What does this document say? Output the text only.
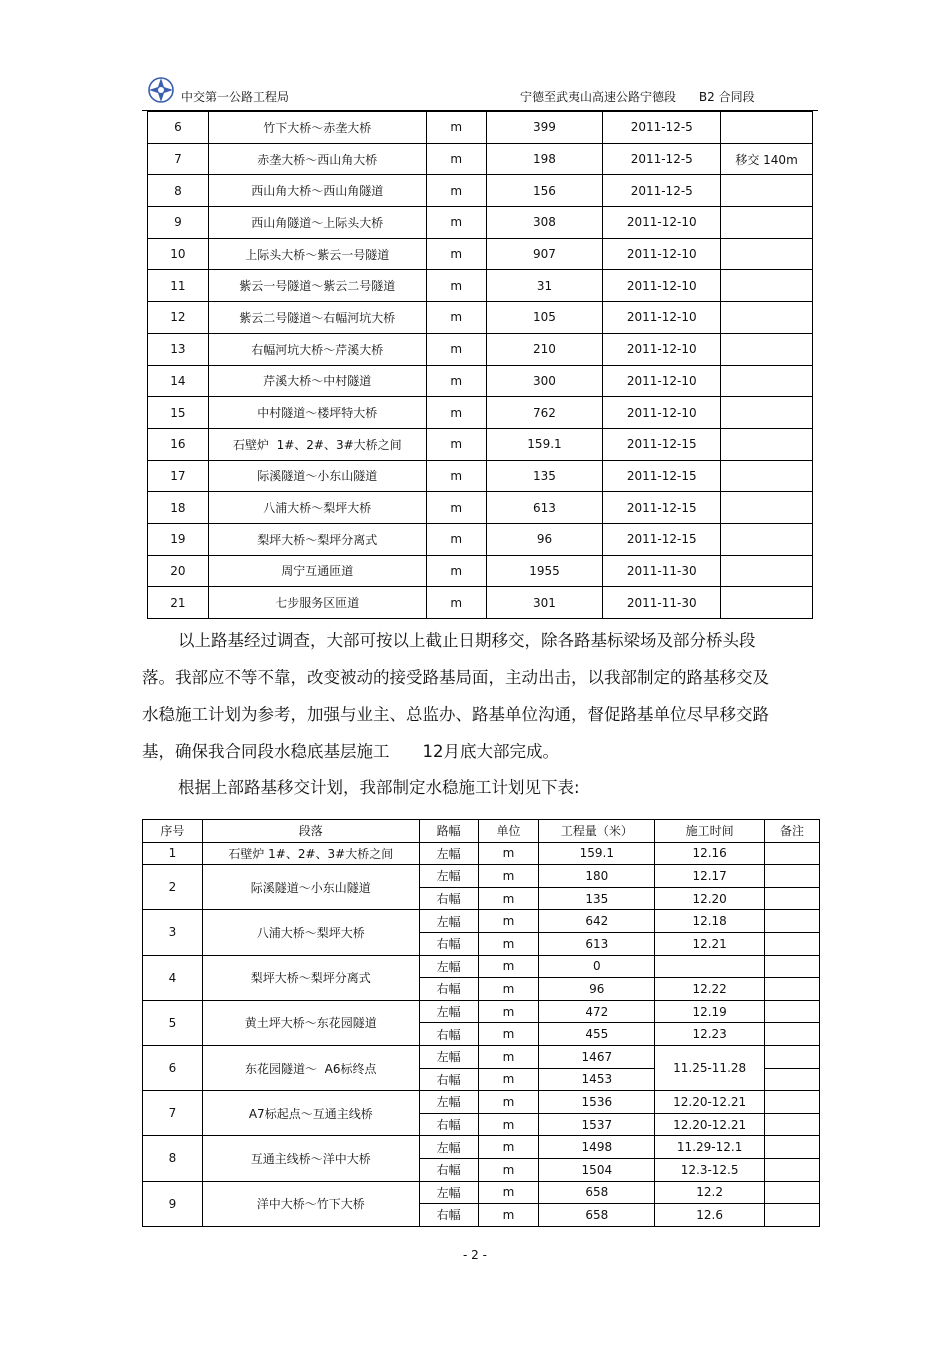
中交第一公路工程局	宁德至武夷山高速公路宁德段      B2 合同段
6	竹下大桥～赤垄大桥	m	399	2011-12-5	
7	赤垄大桥～西山角大桥	m	198	2011-12-5	移交 140m
8	西山角大桥～西山角隧道	m	156	2011-12-5	
9	西山角隧道～上际头大桥	m	308	2011-12-10	
10	上际头大桥～紫云一号隧道	m	907	2011-12-10	
11	紫云一号隧道～紫云二号隧道	m	31	2011-12-10	
12	紫云二号隧道～右幅河坑大桥	m	105	2011-12-10	
13	右幅河坑大桥～芹溪大桥	m	210	2011-12-10	
14	芹溪大桥～中村隧道	m	300	2011-12-10	
15	中村隧道～楼坪特大桥	m	762	2011-12-10	
16	石壁炉  1#、2#、3#大桥之间	m	159.1	2011-12-15	
17	际溪隧道～小东山隧道	m	135	2011-12-15	
18	八浦大桥～梨坪大桥	m	613	2011-12-15	
19	梨坪大桥～梨坪分离式	m	96	2011-12-15	
20	周宁互通匝道	m	1955	2011-11-30	
21	七步服务区匝道	m	301	2011-11-30	
以上路基经过调查，大部可按以上截止日期移交，除各路基标梁场及部分桥头段落。我部应不等不靠，改变被动的接受路基局面，主动出击，以我部制定的路基移交及水稳施工计划为参考，加强与业主、总监办、路基单位沟通，督促路基单位尽早移交路基，确保我合同段水稳底基层施工　　12月底大部完成。
根据上部路基移交计划，我部制定水稳施工计划见下表:
序号	段落	路幅	单位	工程量（米）	施工时间	备注
1	石壁炉 1#、2#、3#大桥之间	左幅	m	159.1	12.16	
2	际溪隧道～小东山隧道	左幅	m	180	12.17	
		右幅	m	135	12.20	
3	八浦大桥～梨坪大桥	左幅	m	642	12.18	
		右幅	m	613	12.21	
4	梨坪大桥～梨坪分离式	左幅	m	0		
		右幅	m	96	12.22	
5	黄土坪大桥～东花园隧道	左幅	m	472	12.19	
		右幅	m	455	12.23	
6	东花园隧道～  A6标终点	左幅	m	1467	11.25-11.28	
		右幅	m	1453		
7	A7标起点～互通主线桥	左幅	m	1536	12.20-12.21	
		右幅	m	1537	12.20-12.21	
8	互通主线桥～洋中大桥	左幅	m	1498	11.29-12.1	
		右幅	m	1504	12.3-12.5	
9	洋中大桥～竹下大桥	左幅	m	658	12.2	
		右幅	m	658	12.6	
- 2 -
